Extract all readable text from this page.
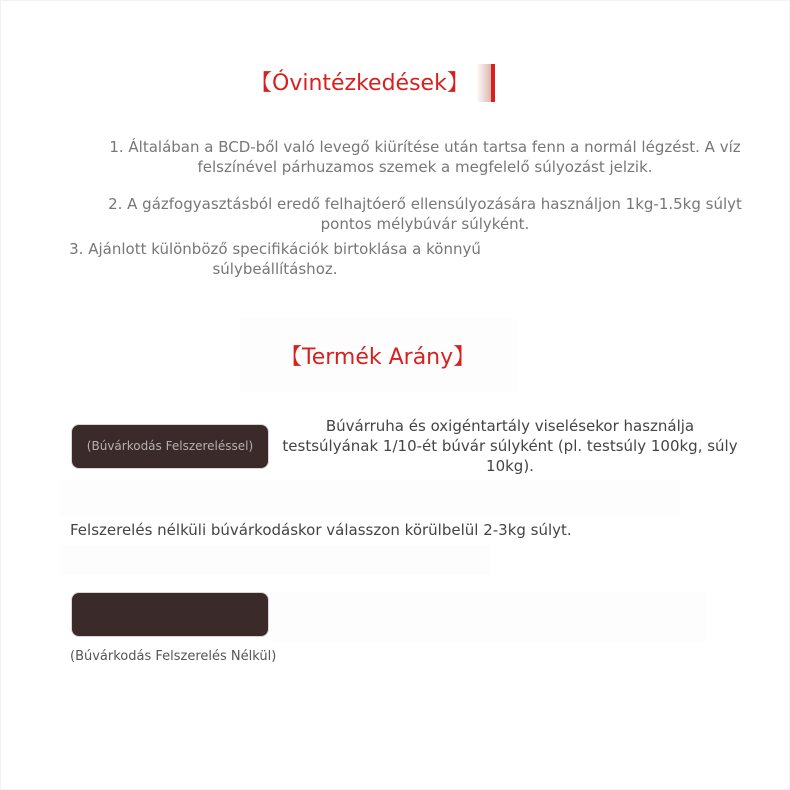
【Óvintézkedések】

1. Általában a BCD-ből való levegő kiürítése után tartsa fenn a normál légzést. A víz felszínével párhuzamos szemek a megfelelő súlyozást jelzik.

2. A gázfogyasztásból eredő felhajtóerő ellensúlyozására használjon 1kg-1.5kg súlyt pontos mélybúvár súlyként.

3. Ajánlott különböző specifikációk birtoklása a könnyű súlybeállításhoz.

【Termék Arány】
(Búvárkodás Felszereléssel)

Búvárruha és oxigéntartály viselésekor használja testsúlyának 1/10-ét búvár súlyként (pl. testsúly 100kg, súly 10kg).

Felszerelés nélküli búvárkodáskor válasszon körülbelül 2-3kg súlyt.

(Búvárkodás Felszerelés Nélkül)
